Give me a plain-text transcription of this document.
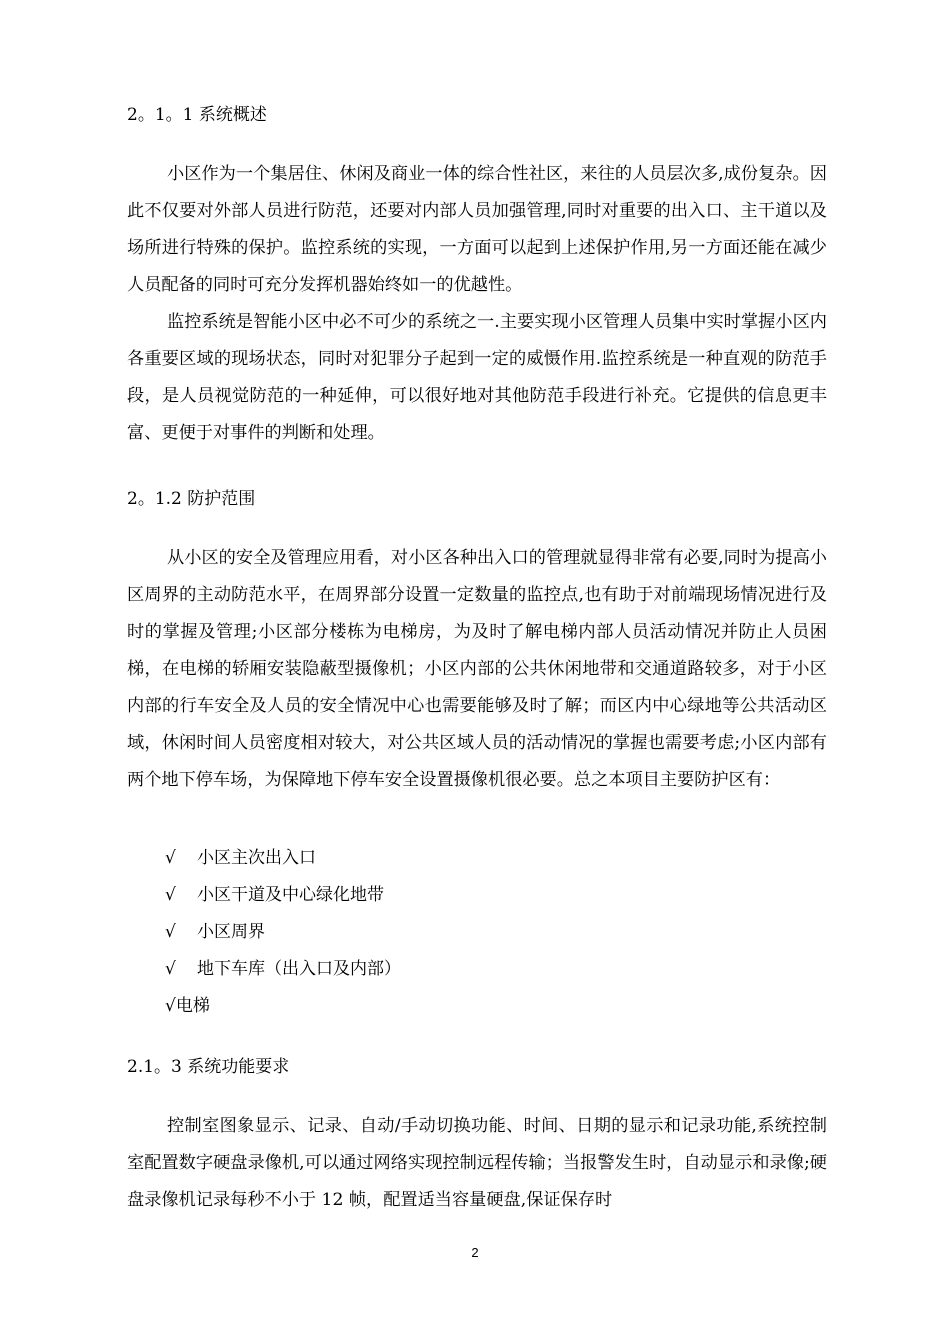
2。1。1 系统概述

小区作为一个集居住、休闲及商业一体的综合性社区，来往的人员层次多,成份复杂。因此不仅要对外部人员进行防范，还要对内部人员加强管理,同时对重要的出入口、主干道以及场所进行特殊的保护。监控系统的实现，一方面可以起到上述保护作用,另一方面还能在减少人员配备的同时可充分发挥机器始终如一的优越性。

监控系统是智能小区中必不可少的系统之一.主要实现小区管理人员集中实时掌握小区内各重要区域的现场状态，同时对犯罪分子起到一定的威慑作用.监控系统是一种直观的防范手段，是人员视觉防范的一种延伸，可以很好地对其他防范手段进行补充。它提供的信息更丰富、更便于对事件的判断和处理。

2。1.2 防护范围

从小区的安全及管理应用看，对小区各种出入口的管理就显得非常有必要,同时为提高小区周界的主动防范水平，在周界部分设置一定数量的监控点,也有助于对前端现场情况进行及时的掌握及管理;小区部分楼栋为电梯房，为及时了解电梯内部人员活动情况并防止人员困梯，在电梯的轿厢安装隐蔽型摄像机；小区内部的公共休闲地带和交通道路较多，对于小区内部的行车安全及人员的安全情况中心也需要能够及时了解；而区内中心绿地等公共活动区域，休闲时间人员密度相对较大，对公共区域人员的活动情况的掌握也需要考虑;小区内部有两个地下停车场，为保障地下停车安全设置摄像机很必要。总之本项目主要防护区有：

√ 小区主次出入口
√ 小区干道及中心绿化地带
√ 小区周界
√ 地下车库（出入口及内部）
√电梯
2.1。3 系统功能要求

控制室图象显示、记录、自动/手动切换功能、时间、日期的显示和记录功能,系统控制室配置数字硬盘录像机,可以通过网络实现控制远程传输；当报警发生时，自动显示和录像;硬盘录像机记录每秒不小于 12 帧，配置适当容量硬盘,保证保存时

2
